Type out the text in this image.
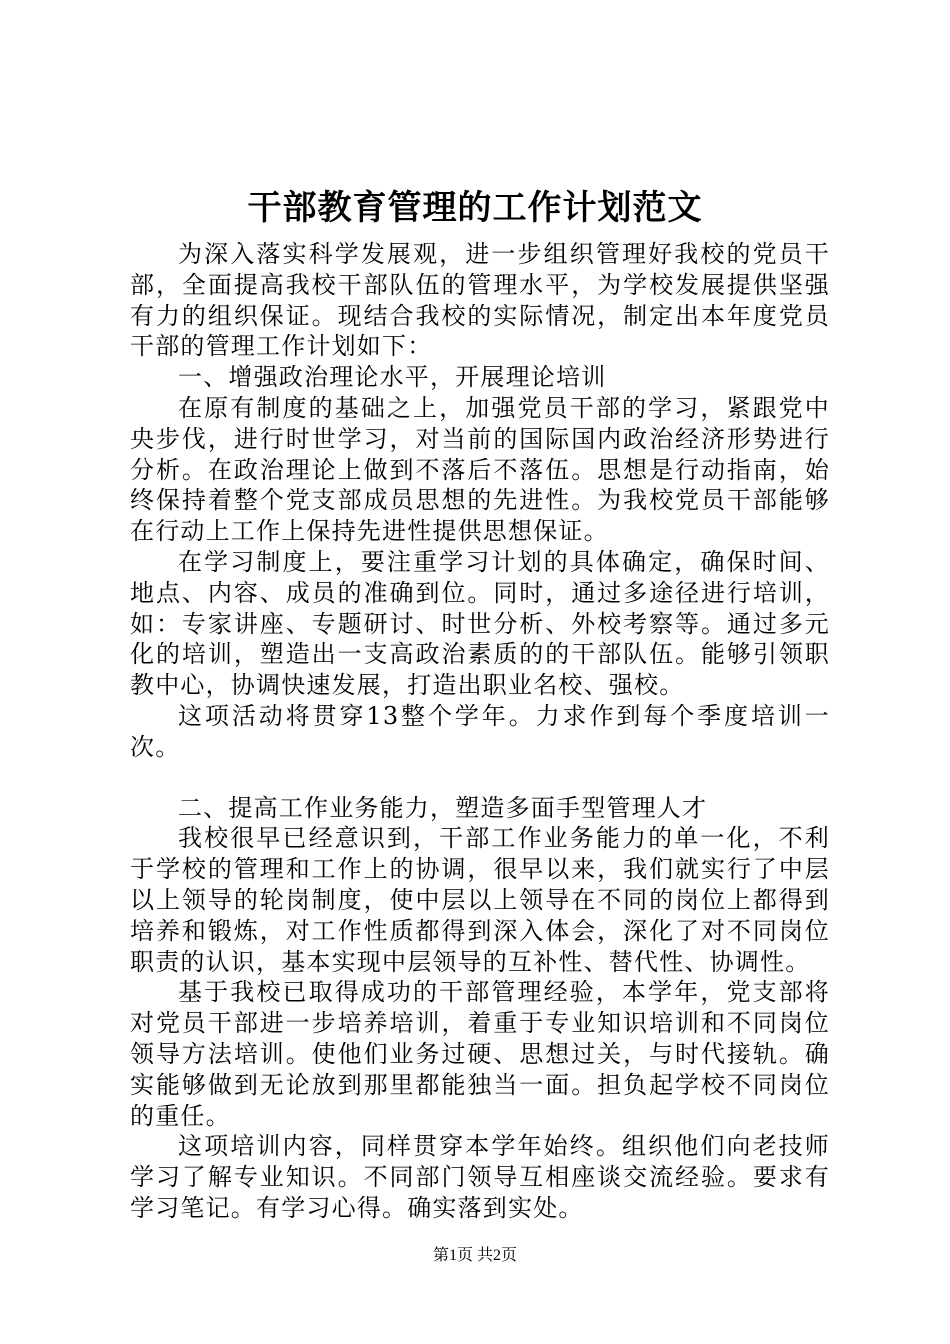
干部教育管理的工作计划范文

为深入落实科学发展观，进一步组织管理好我校的党员干部，全面提高我校干部队伍的管理水平，为学校发展提供坚强有力的组织保证。现结合我校的实际情况，制定出本年度党员干部的管理工作计划如下：

一、增强政治理论水平，开展理论培训

在原有制度的基础之上，加强党员干部的学习，紧跟党中央步伐，进行时世学习，对当前的国际国内政治经济形势进行分析。在政治理论上做到不落后不落伍。思想是行动指南，始终保持着整个党支部成员思想的先进性。为我校党员干部能够在行动上工作上保持先进性提供思想保证。

在学习制度上，要注重学习计划的具体确定，确保时间、地点、内容、成员的准确到位。同时，通过多途径进行培训，如：专家讲座、专题研讨、时世分析、外校考察等。通过多元化的培训，塑造出一支高政治素质的的干部队伍。能够引领职教中心，协调快速发展，打造出职业名校、强校。

这项活动将贯穿13整个学年。力求作到每个季度培训一次。

二、提高工作业务能力，塑造多面手型管理人才

我校很早已经意识到，干部工作业务能力的单一化，不利于学校的管理和工作上的协调，很早以来，我们就实行了中层以上领导的轮岗制度，使中层以上领导在不同的岗位上都得到培养和锻炼，对工作性质都得到深入体会，深化了对不同岗位职责的认识，基本实现中层领导的互补性、替代性、协调性。

基于我校已取得成功的干部管理经验，本学年，党支部将对党员干部进一步培养培训，着重于专业知识培训和不同岗位领导方法培训。使他们业务过硬、思想过关，与时代接轨。确实能够做到无论放到那里都能独当一面。担负起学校不同岗位的重任。

这项培训内容，同样贯穿本学年始终。组织他们向老技师学习了解专业知识。不同部门领导互相座谈交流经验。要求有学习笔记。有学习心得。确实落到实处。

第1页 共2页
